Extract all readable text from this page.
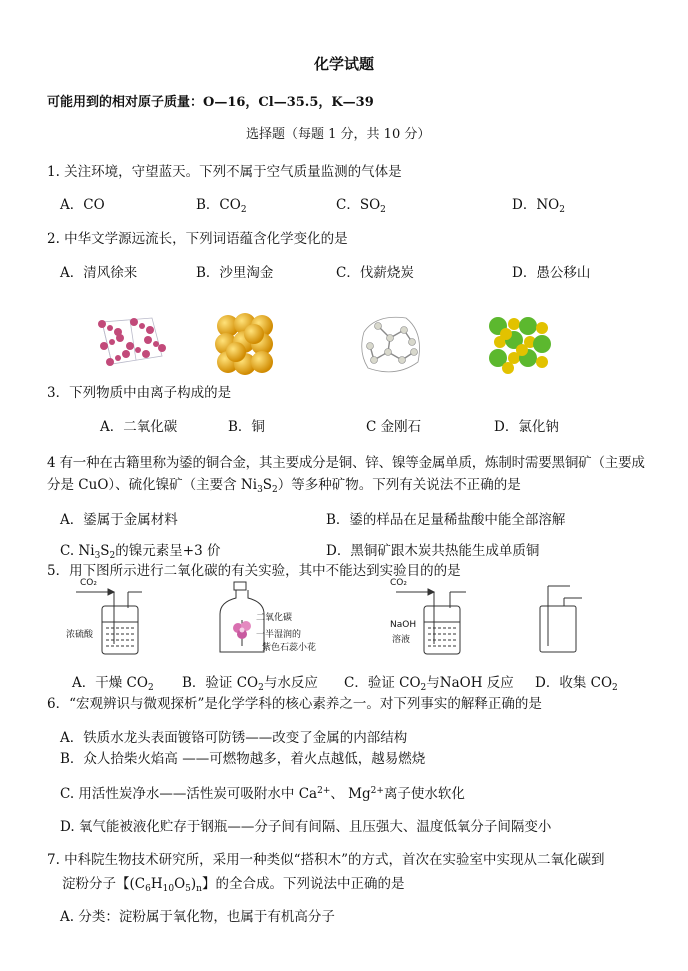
化学试题
可能用到的相对原子质量：O—16，Cl—35.5，K—39
选择题（每题 1 分，共 10 分）
1. 关注环境，守望蓝天。下列不属于空气质量监测的气体是
A．CO	B．$CO_2$	C．$SO_2$	D．$NO_2$
2. 中华文学源远流长，下列词语蕴含化学变化的是
A．清风徐来	B．沙里淘金	C．伐薪烧炭	D．愚公移山
3．下列物质中由离子构成的是
A．二氧化碳	B．铜	C 金刚石	D．氯化钠
4 有一种在古籍里称为鋈的铜合金，其主要成分是铜、锌、镍等金属单质，炼制时需要黑铜矿（主要成
分是 CuO）、硫化镍矿（主要含 $Ni_3S_2$）等多种矿物。下列有关说法不正确的是
A．鋈属于金属材料	B．鋈的样品在足量稀盐酸中能全部溶解
C. $Ni_3S_2$的镍元素呈+3 价	D．黑铜矿跟木炭共热能生成单质铜
5．用下图所示进行二氧化碳的有关实验，其中不能达到实验目的的是
CO₂
浓硫酸
二氧化碳
一半湿润的
紫色石蕊小花
CO₂
NaOH
溶液
A．干燥 $CO_2$ B．验证 $CO_2$与水反应 C．验证 $CO_2$与NaOH 反应 D．收集 $CO_2$
6．“宏观辨识与微观探析”是化学学科的核心素养之一。对下列事实的解释正确的是
A．铁质水龙头表面镀铬可防锈——改变了金属的内部结构
B．众人拾柴火焰高 ——可燃物越多，着火点越低，越易燃烧
C. 用活性炭净水——活性炭可吸附水中 $Ca^{2+}$、 $Mg^{2+}$离子使水软化
D. 氧气能被液化贮存于钢瓶——分子间有间隔、且压强大、温度低氧分子间隔变小
7. 中科院生物技术研究所，采用一种类似“搭积木”的方式，首次在实验室中实现从二氧化碳到
淀粉分子【$(C_6H_{10}O_5)_n$】的全合成。下列说法中正确的是
A. 分类：淀粉属于氧化物，也属于有机高分子
